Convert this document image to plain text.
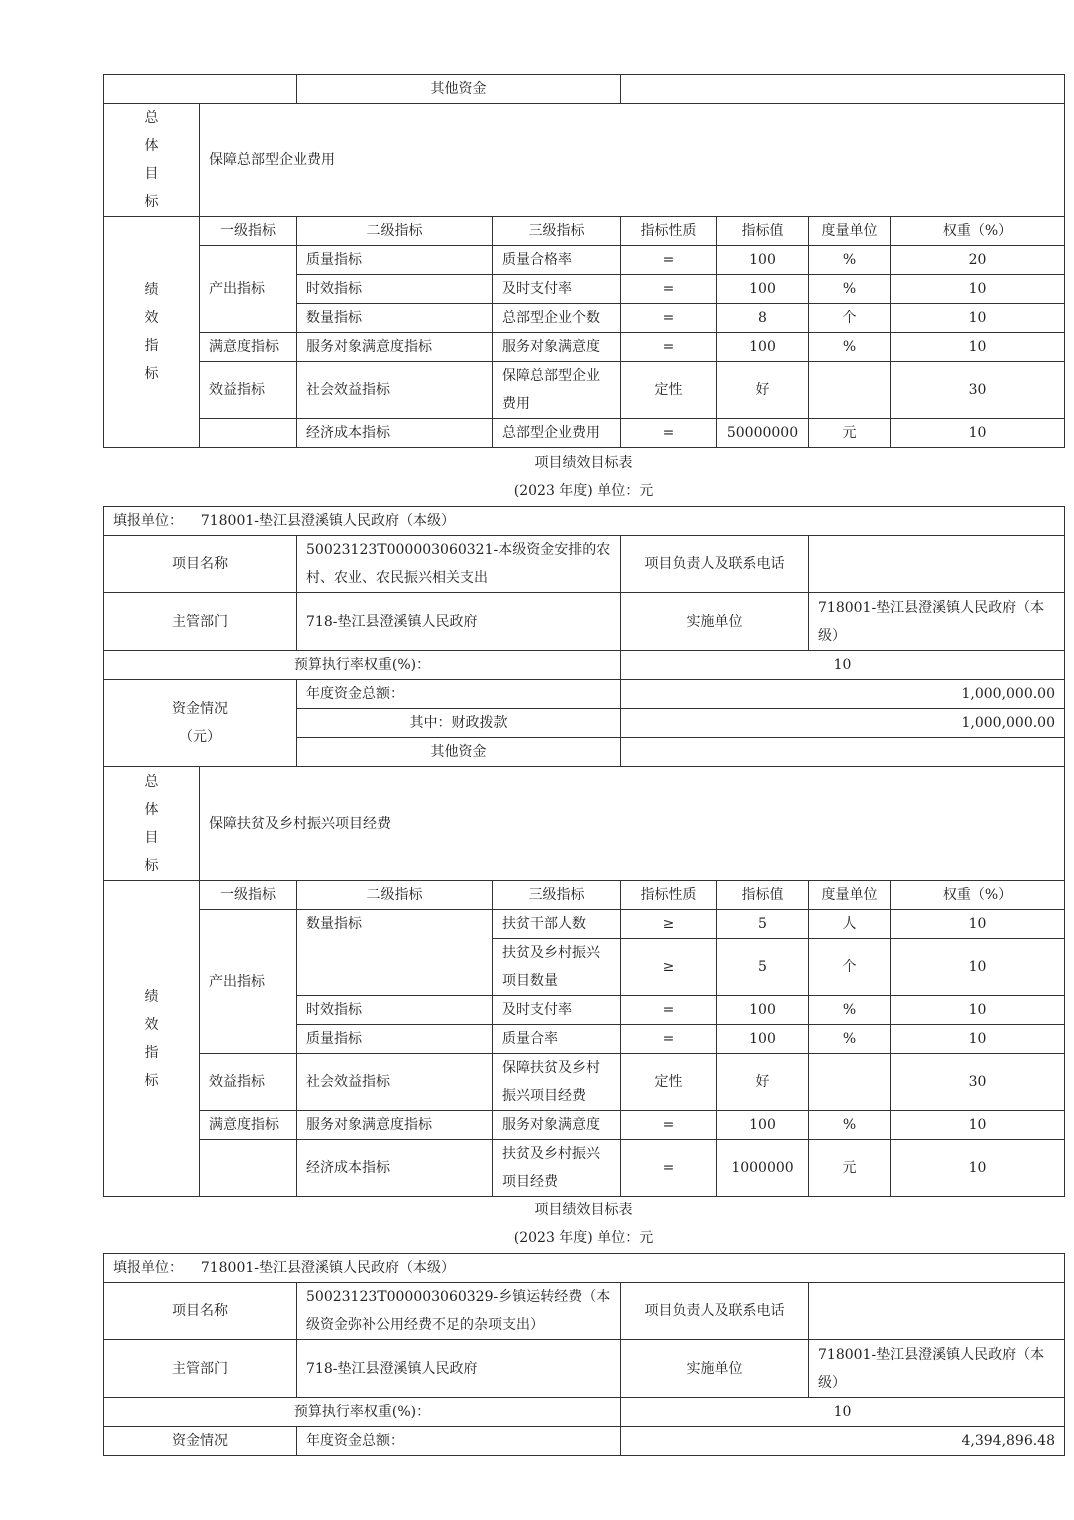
		其他资金					
总
体
目
标	保障总部型企业费用						
绩
效
指
标	一级指标	二级指标	三级指标	指标性质	指标值	度量单位	权重（%）
	产出指标	质量指标	质量合格率	=	100	%	20
		时效指标	及时支付率	=	100	%	10
		数量指标	总部型企业个数	=	8	个	10
	满意度指标	服务对象满意度指标	服务对象满意度	=	100	%	10
	效益指标	社会效益指标	保障总部型企业费用	定性	好		30
		经济成本指标	总部型企业费用	=	50000000	元	10
项目绩效目标表
(2023 年度) 单位：元
填报单位： 718001-垫江县澄溪镇人民政府（本级）							
项目名称		50023123T000003060321-本级资金安排的农村、农业、农民振兴相关支出		项目负责人及联系电话			
主管部门		718-垫江县澄溪镇人民政府		实施单位		718001-垫江县澄溪镇人民政府（本级）	
预算执行率权重(%)：				10			
资金情况
（元）		年度资金总额：		1,000,000.00			
		其中：财政拨款		1,000,000.00			
		其他资金					
总
体
目
标	保障扶贫及乡村振兴项目经费						
绩
效
指
标	一级指标	二级指标	三级指标	指标性质	指标值	度量单位	权重（%）
	产出指标	数量指标	扶贫干部人数	≥	5	人	10
			扶贫及乡村振兴项目数量	≥	5	个	10
		时效指标	及时支付率	=	100	%	10
		质量指标	质量合率	=	100	%	10
	效益指标	社会效益指标	保障扶贫及乡村振兴项目经费	定性	好		30
	满意度指标	服务对象满意度指标	服务对象满意度	=	100	%	10
		经济成本指标	扶贫及乡村振兴项目经费	=	1000000	元	10
项目绩效目标表
(2023 年度) 单位：元
填报单位： 718001-垫江县澄溪镇人民政府（本级）			
项目名称	50023123T000003060329-乡镇运转经费（本级资金弥补公用经费不足的杂项支出）	项目负责人及联系电话	
主管部门	718-垫江县澄溪镇人民政府	实施单位	718001-垫江县澄溪镇人民政府（本级）
预算执行率权重(%)：		10	
资金情况	年度资金总额：	4,394,896.48	
